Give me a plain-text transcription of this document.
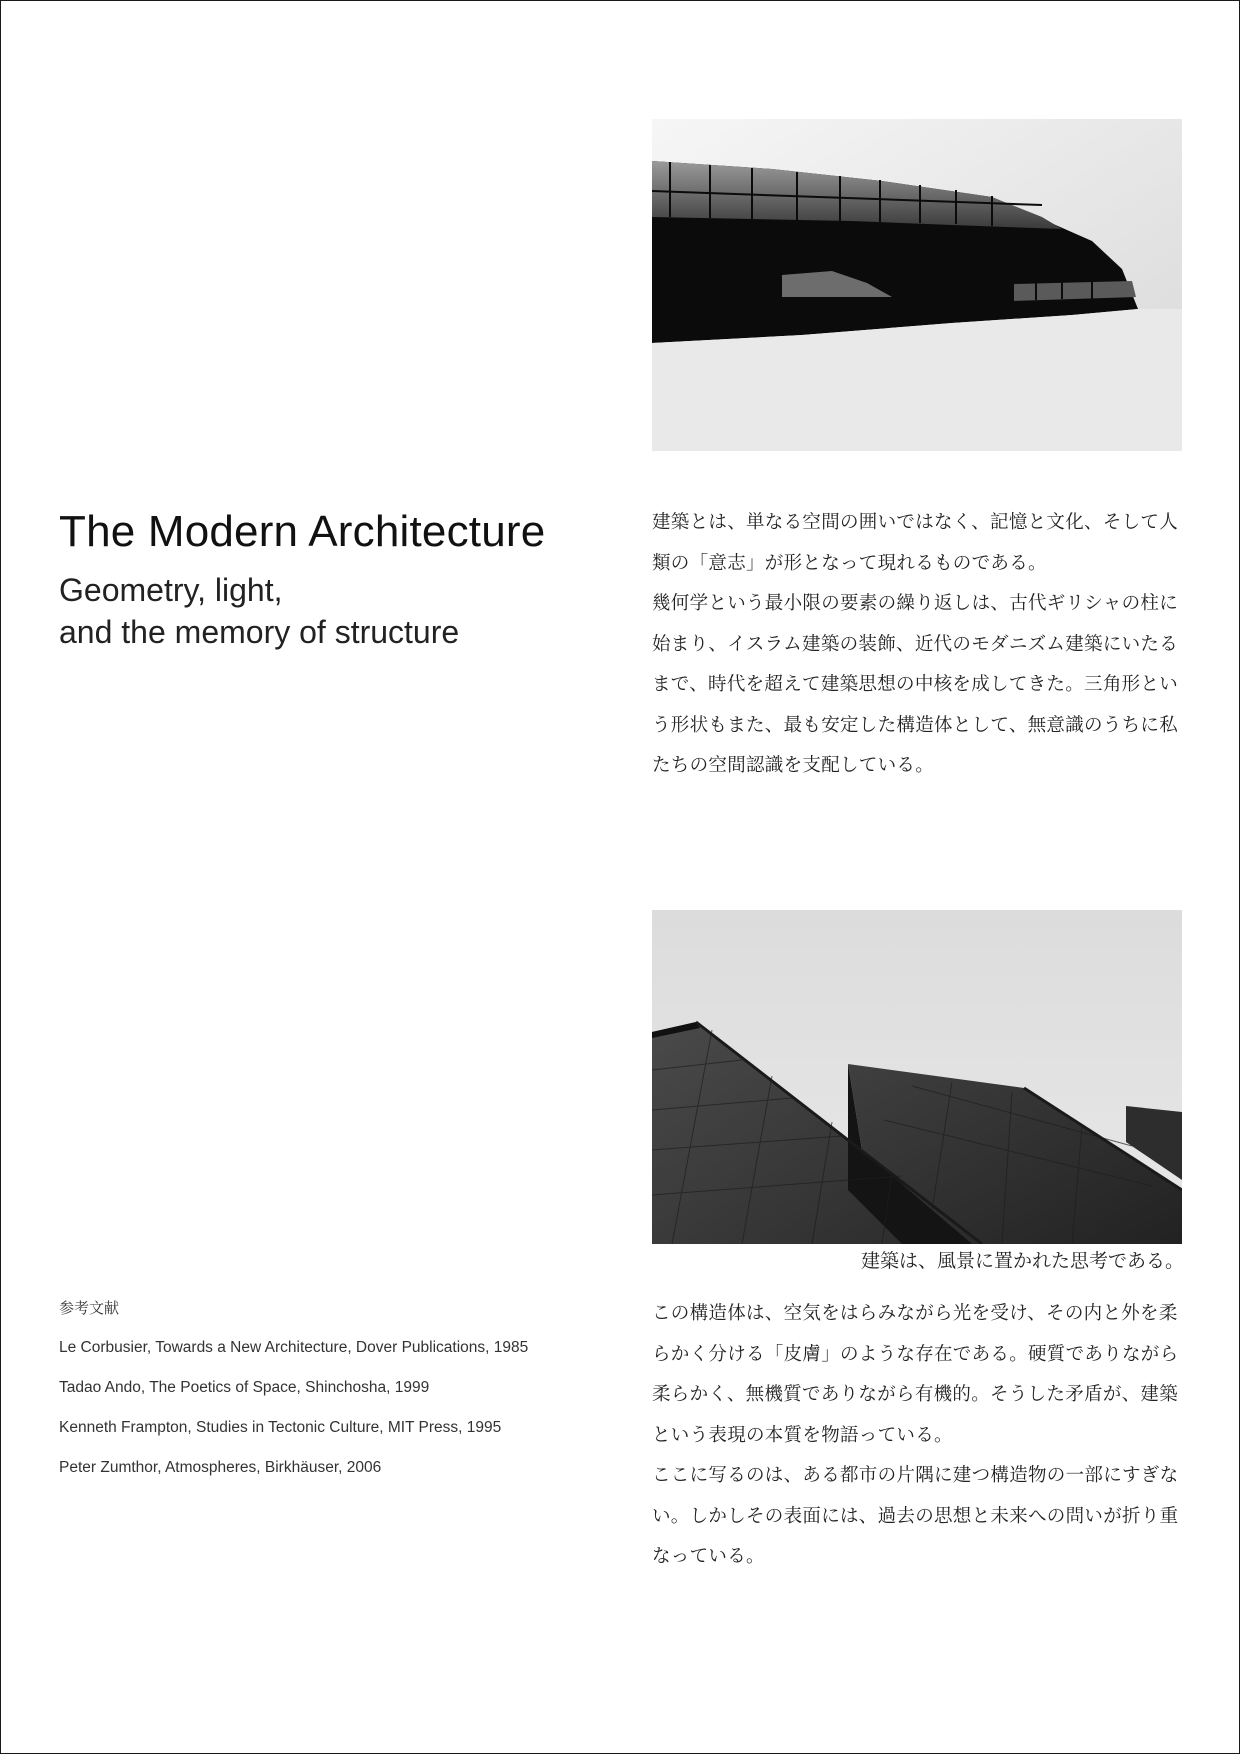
The Modern Architecture
Geometry, light,
and the memory of structure

建築とは、単なる空間の囲いではなく、記憶と文化、そして人類の「意志」が形となって現れるものである。

幾何学という最小限の要素の繰り返しは、古代ギリシャの柱に始まり、イスラム建築の装飾、近代のモダニズム建築にいたるまで、時代を超えて建築思想の中核を成してきた。三角形という形状もまた、最も安定した構造体として、無意識のうちに私たちの空間認識を支配している。

建築は、風景に置かれた思考である。
参考文献
Le Corbusier, Towards a New Architecture, Dover Publications, 1985
Tadao Ando, The Poetics of Space, Shinchosha, 1999
Kenneth Frampton, Studies in Tectonic Culture, MIT Press, 1995
Peter Zumthor, Atmospheres, Birkhäuser, 2006

この構造体は、空気をはらみながら光を受け、その内と外を柔らかく分ける「皮膚」のような存在である。硬質でありながら柔らかく、無機質でありながら有機的。そうした矛盾が、建築という表現の本質を物語っている。

ここに写るのは、ある都市の片隅に建つ構造物の一部にすぎない。しかしその表面には、過去の思想と未来への問いが折り重なっている。
